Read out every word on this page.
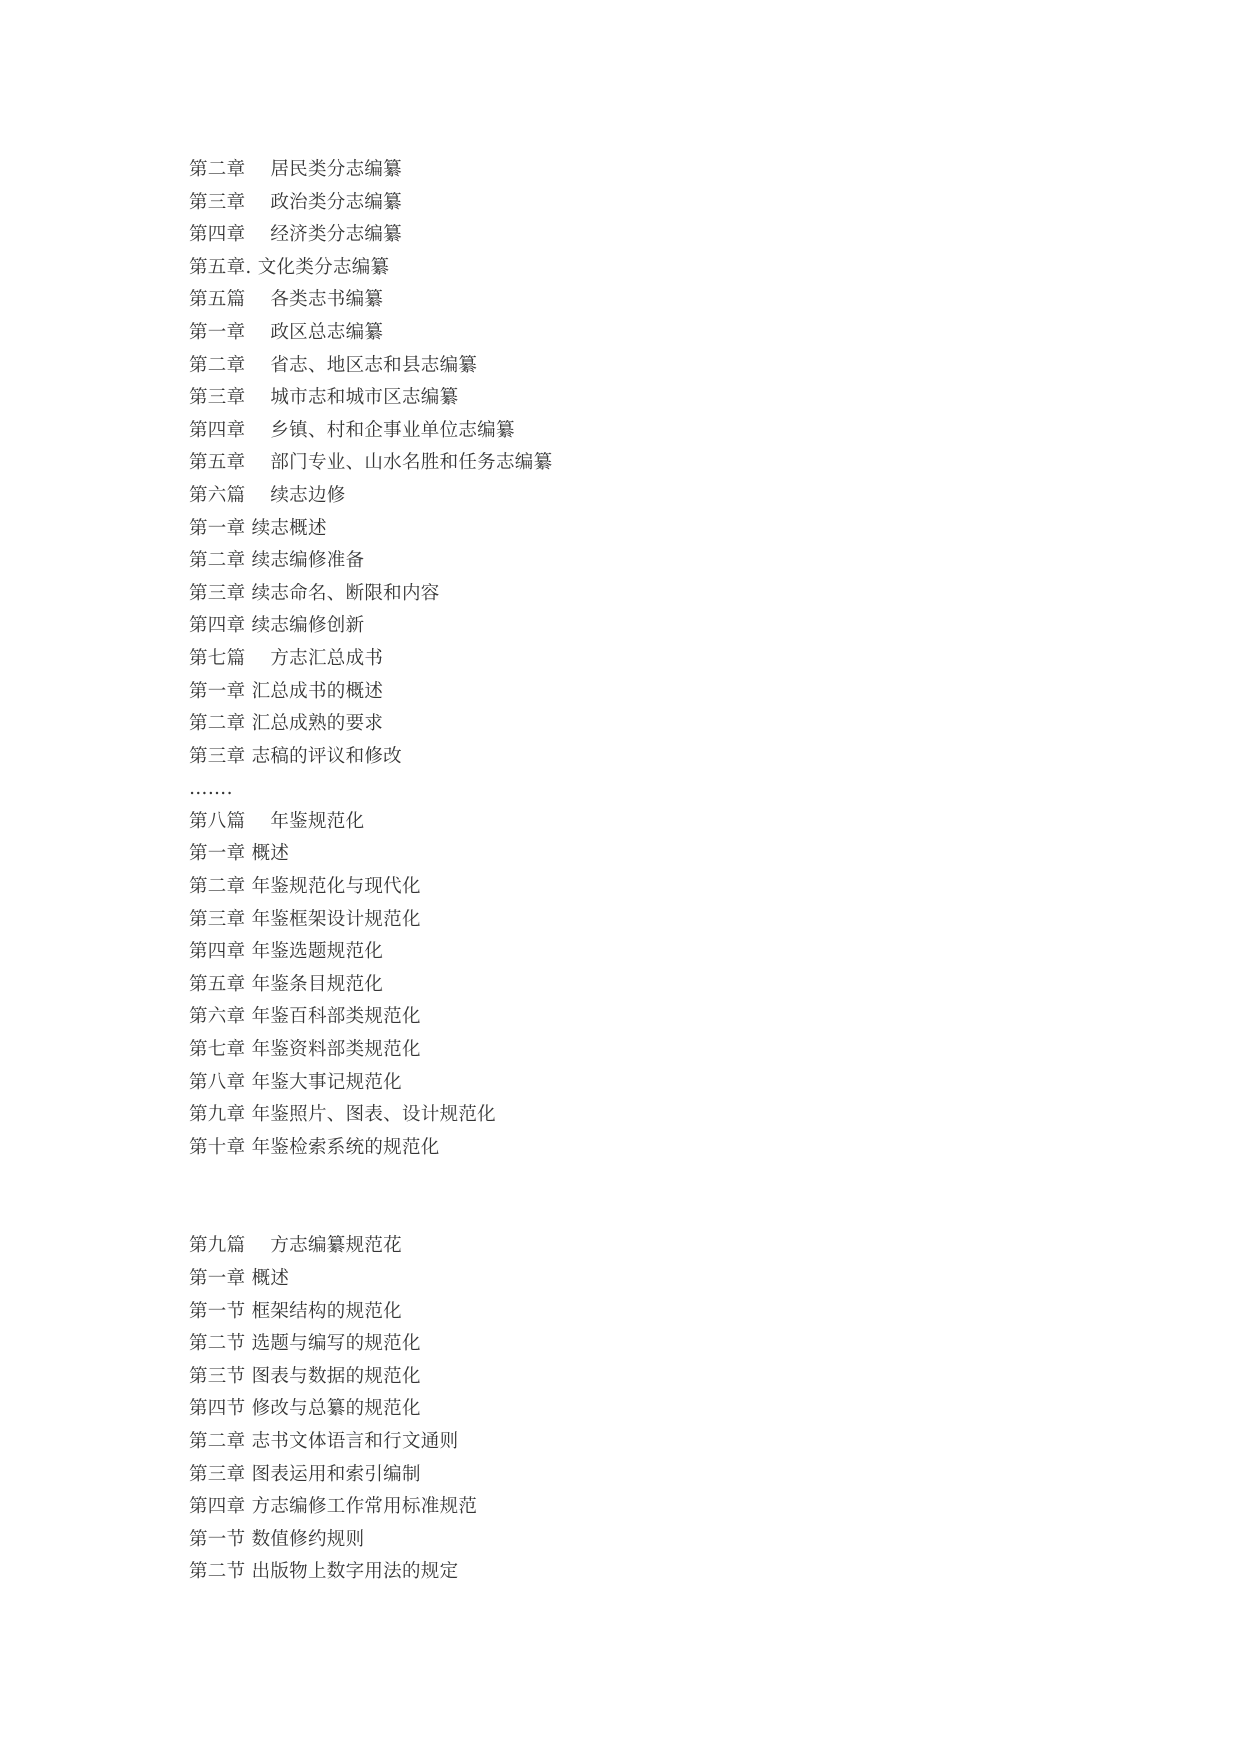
第二章　 居民类分志编纂
第三章　 政治类分志编纂
第四章　 经济类分志编纂
第五章. 文化类分志编纂
第五篇　 各类志书编纂
第一章　 政区总志编纂
第二章　 省志、地区志和县志编纂
第三章　 城市志和城市区志编纂
第四章　 乡镇、村和企事业单位志编纂
第五章　 部门专业、山水名胜和任务志编纂
第六篇　 续志边修
第一章 续志概述
第二章 续志编修准备
第三章 续志命名、断限和内容
第四章 续志编修创新
第七篇　 方志汇总成书
第一章 汇总成书的概述
第二章 汇总成熟的要求
第三章 志稿的评议和修改
…….
第八篇　 年鉴规范化
第一章 概述
第二章 年鉴规范化与现代化
第三章 年鉴框架设计规范化
第四章 年鉴选题规范化
第五章 年鉴条目规范化
第六章 年鉴百科部类规范化
第七章 年鉴资料部类规范化
第八章 年鉴大事记规范化
第九章 年鉴照片、图表、设计规范化
第十章 年鉴检索系统的规范化
第九篇　 方志编纂规范花
第一章 概述
第一节 框架结构的规范化
第二节 选题与编写的规范化
第三节 图表与数据的规范化
第四节 修改与总纂的规范化
第二章 志书文体语言和行文通则
第三章 图表运用和索引编制
第四章 方志编修工作常用标准规范
第一节 数值修约规则
第二节 出版物上数字用法的规定
